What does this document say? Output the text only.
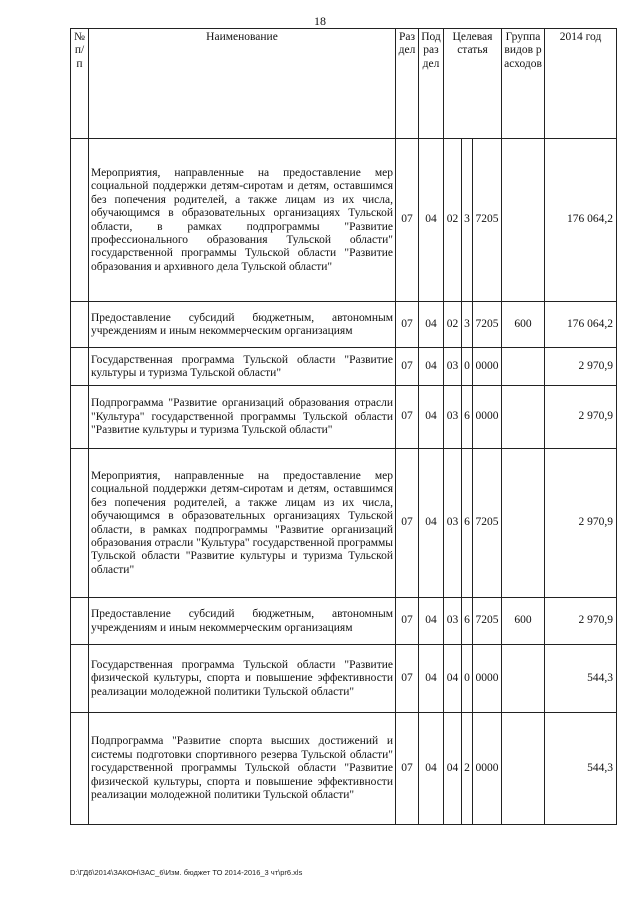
18
№ п/п	Наименование	Раздел	Подраздел	Целевая статья			Группа видов расходов	2014 год
	Мероприятия, направленные на предоставление мер социальной поддержки детям-сиротам и детям, оставшимся без попечения родителей, а также лицам из их числа, обучающимся в образовательных организациях Тульской области, в рамках подпрограммы "Развитие профессионального образования Тульской области" государственной программы Тульской области "Развитие образования и архивного дела Тульской области"	07	04	02	3	7205		176 064,2
	Предоставление субсидий бюджетным, автономным учреждениям и иным некоммерческим организациям	07	04	02	3	7205	600	176 064,2
	Государственная программа Тульской области "Развитие культуры и туризма Тульской области"	07	04	03	0	0000		2 970,9
	Подпрограмма "Развитие организаций образования отрасли "Культура" государственной программы Тульской области "Развитие культуры и туризма Тульской области"	07	04	03	6	0000		2 970,9
	Мероприятия, направленные на предоставление мер социальной поддержки детям-сиротам и детям, оставшимся без попечения родителей, а также лицам из их числа, обучающимся в образовательных организациях Тульской области, в рамках подпрограммы "Развитие организаций образования отрасли "Культура" государственной программы Тульской области "Развитие культуры и туризма Тульской области"	07	04	03	6	7205		2 970,9
	Предоставление субсидий бюджетным, автономным учреждениям и иным некоммерческим организациям	07	04	03	6	7205	600	2 970,9
	Государственная программа Тульской области "Развитие физической культуры, спорта и повышение эффективности реализации молодежной политики Тульской области"	07	04	04	0	0000		544,3
	Подпрограмма "Развитие спорта высших достижений и системы подготовки спортивного резерва Тульской области" государственной программы Тульской области "Развитие физической культуры, спорта и повышение эффективности реализации молодежной политики Тульской области"	07	04	04	2	0000		544,3
D:\ГД6\2014\ЗАКОН\ЗАС_6\Изм. бюджет ТО 2014-2016_3 чт\pr6.xls
